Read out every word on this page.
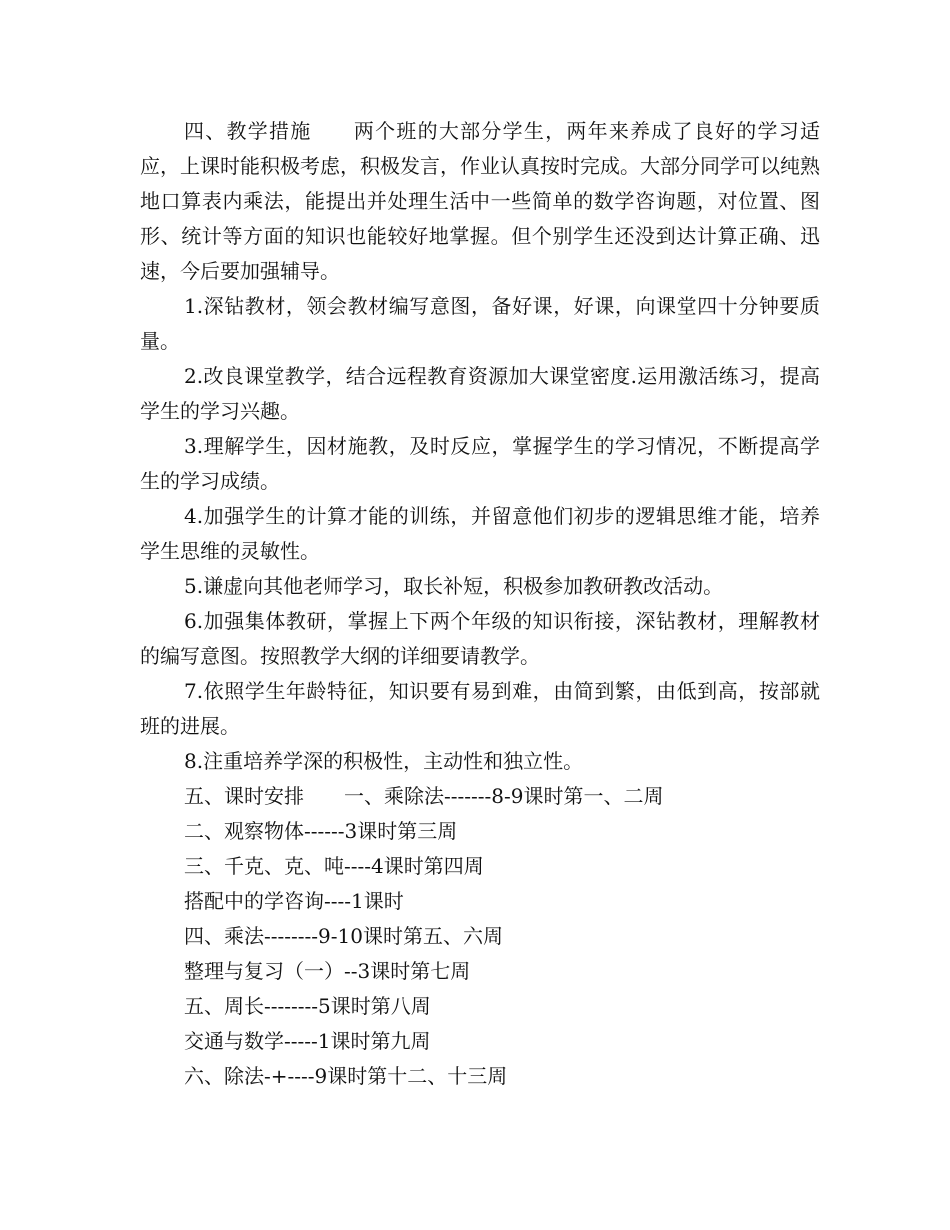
四、教学措施　　两个班的大部分学生，两年来养成了良好的学习适应，上课时能积极考虑，积极发言，作业认真按时完成。大部分同学可以纯熟地口算表内乘法，能提出并处理生活中一些简单的数学咨询题，对位置、图形、统计等方面的知识也能较好地掌握。但个别学生还没到达计算正确、迅速，今后要加强辅导。

1.深钻教材，领会教材编写意图，备好课，好课，向课堂四十分钟要质量。

2.改良课堂教学，结合远程教育资源加大课堂密度.运用激活练习，提高学生的学习兴趣。

3.理解学生，因材施教，及时反应，掌握学生的学习情况，不断提高学生的学习成绩。

4.加强学生的计算才能的训练，并留意他们初步的逻辑思维才能，培养学生思维的灵敏性。

5.谦虚向其他老师学习，取长补短，积极参加教研教改活动。

6.加强集体教研，掌握上下两个年级的知识衔接，深钻教材，理解教材的编写意图。按照教学大纲的详细要请教学。

7.依照学生年龄特征，知识要有易到难，由简到繁，由低到高，按部就班的进展。

8.注重培养学深的积极性，主动性和独立性。

五、课时安排　　一、乘除法-------8-9课时第一、二周

二、观察物体------3课时第三周

三、千克、克、吨----4课时第四周

搭配中的学咨询----1课时

四、乘法--------9-10课时第五、六周

整理与复习（一）--3课时第七周

五、周长--------5课时第八周

交通与数学-----1课时第九周

六、除法-+----9课时第十二、十三周
